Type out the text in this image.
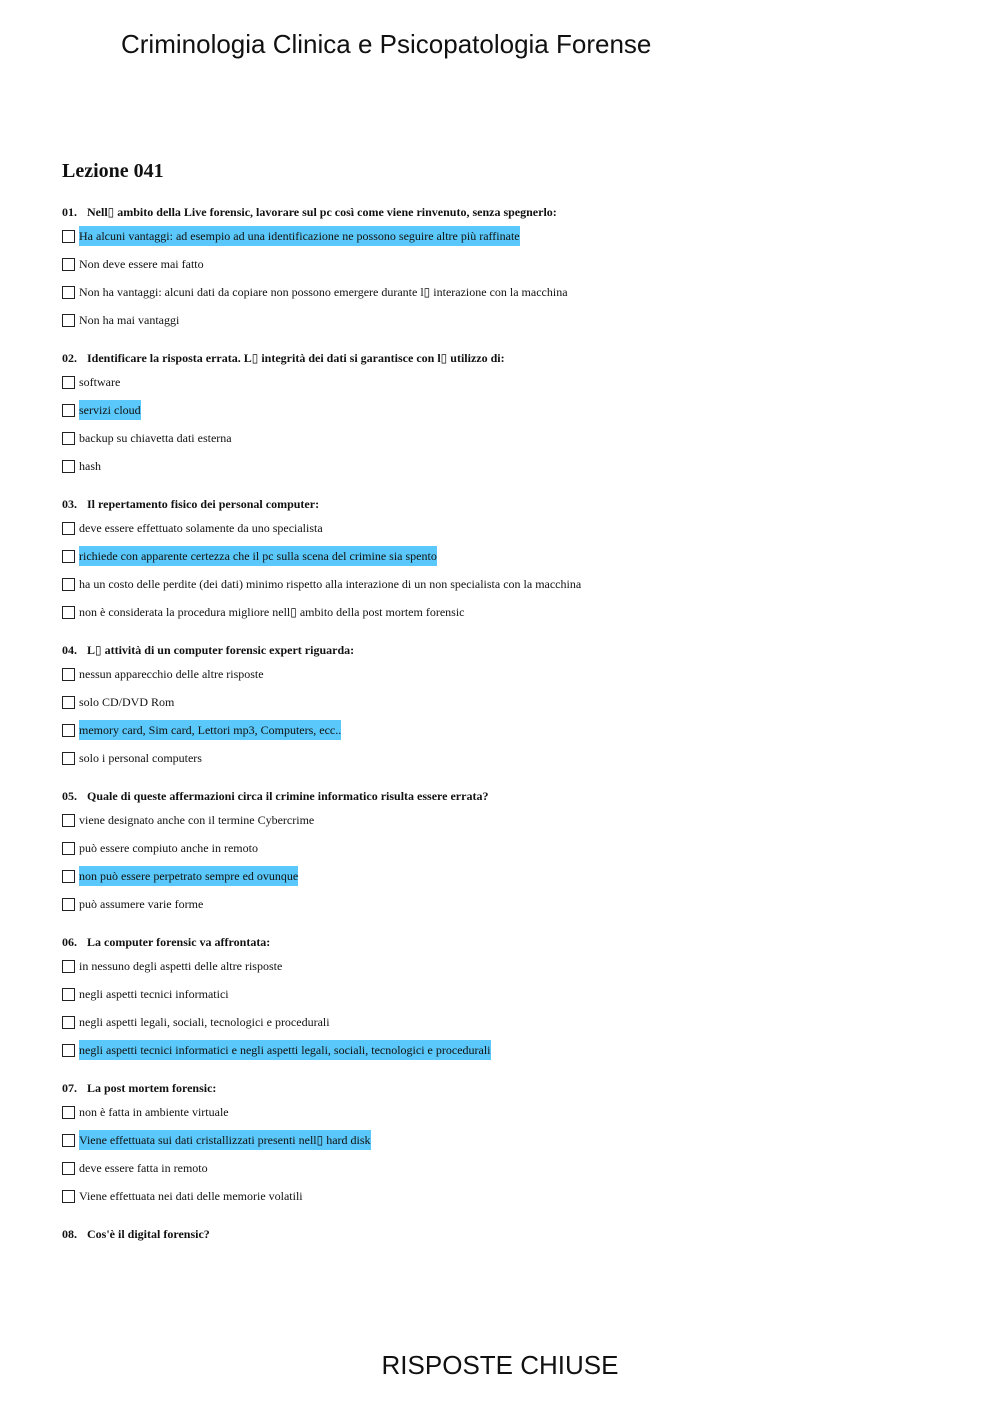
Criminologia Clinica e Psicopatologia Forense
Lezione 041
01. Nell▯ ambito della Live forensic, lavorare sul pc così come viene rinvenuto, senza spegnerlo:
Ha alcuni vantaggi: ad esempio ad una identificazione ne possono seguire altre più raffinate
Non deve essere mai fatto
Non ha vantaggi: alcuni dati da copiare non possono emergere durante l▯ interazione con la macchina
Non ha mai vantaggi
02. Identificare la risposta errata. L▯ integrità dei dati si garantisce con l▯ utilizzo di:
software
servizi cloud
backup su chiavetta dati esterna
hash
03. Il repertamento fisico dei personal computer:
deve essere effettuato solamente da uno specialista
richiede con apparente certezza che il pc sulla scena del crimine sia spento
ha un costo delle perdite (dei dati) minimo rispetto alla interazione di un non specialista con la macchina
non è considerata la procedura migliore nell▯ ambito della post mortem forensic
04. L▯ attività di un computer forensic expert riguarda:
nessun apparecchio delle altre risposte
solo CD/DVD Rom
memory card, Sim card, Lettori mp3, Computers, ecc..
solo i personal computers
05. Quale di queste affermazioni circa il crimine informatico risulta essere errata?
viene designato anche con il termine Cybercrime
può essere compiuto anche in remoto
non può essere perpetrato sempre ed ovunque
può assumere varie forme
06. La computer forensic va affrontata:
in nessuno degli aspetti delle altre risposte
negli aspetti tecnici informatici
negli aspetti legali, sociali, tecnologici e procedurali
negli aspetti tecnici informatici e negli aspetti legali, sociali, tecnologici e procedurali
07. La post mortem forensic:
non è fatta in ambiente virtuale
Viene effettuata sui dati cristallizzati presenti nell▯ hard disk
deve essere fatta in remoto
Viene effettuata nei dati delle memorie volatili
08. Cos'è il digital forensic?
RISPOSTE CHIUSE
